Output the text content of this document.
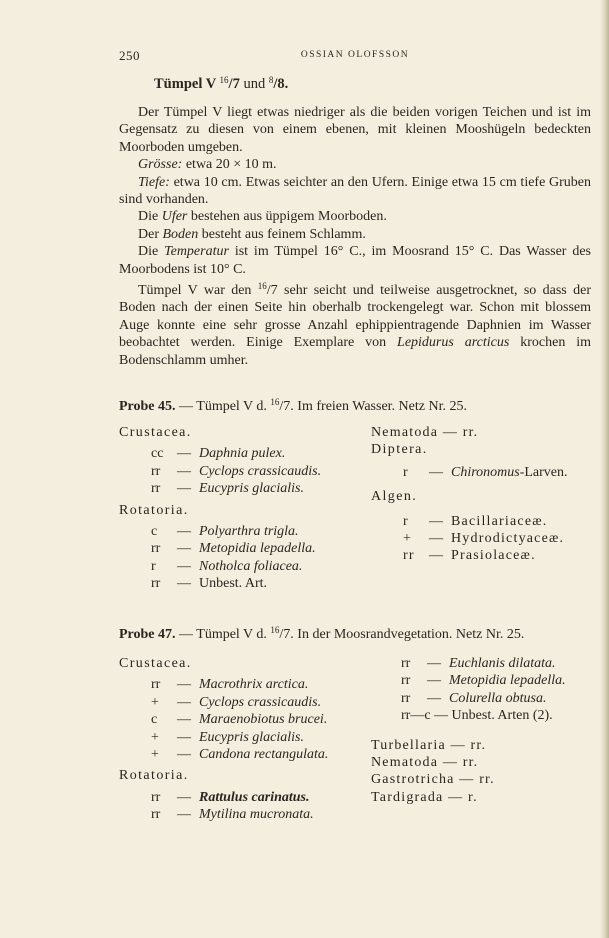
250	OSSIAN OLOFSSON
Tümpel V $^{16}$/7 und $^8$/8.

Der Tümpel V liegt etwas niedriger als die beiden vorigen Teichen und ist im Gegensatz zu diesen von einem ebenen, mit kleinen Mooshügeln bedeckten Moorboden umgeben.

Grösse: etwa 20 × 10 m.

Tiefe: etwa 10 cm. Etwas seichter an den Ufern. Einige etwa 15 cm tiefe Gruben sind vorhanden.

Die Ufer bestehen aus üppigem Moorboden.

Der Boden besteht aus feinem Schlamm.

Die Temperatur ist im Tümpel 16° C., im Moosrand 15° C. Das Wasser des Moorbodens ist 10° C.

Tümpel V war den $^{16}$/7 sehr seicht und teilweise ausgetrocknet, so dass der Boden nach der einen Seite hin oberhalb trockengelegt war. Schon mit blossem Auge konnte eine sehr grosse Anzahl ephippientragende Daphnien im Wasser beobachtet werden. Einige Exemplare von Lepidurus arcticus krochen im Bodenschlamm umher.

Probe 45. — Tümpel V d. $^{16}$/7. Im freien Wasser. Netz Nr. 25.
Crustacea.
cc — Daphnia pulex.
rr — Cyclops crassicaudis.
rr — Eucypris glacialis.
Rotatoria.
c — Polyarthra trigla.
rr — Metopidia lepadella.
r — Notholca foliacea.
rr — Unbest. Art.
Nematoda — rr.
Diptera.
r — Chironomus-Larven.
Algen.
r — Bacillariaceæ.
+ — Hydrodictyaceæ.
rr — Prasiolaceæ.
Probe 47. — Tümpel V d. $^{16}$/7. In der Moosrandvegetation. Netz Nr. 25.
Crustacea.
rr — Macrothrix arctica.
+ — Cyclops crassicaudis.
c — Maraenobiotus brucei.
+ — Eucypris glacialis.
+ — Candona rectangulata.
Rotatoria.
rr — Rattulus carinatus.
rr — Mytilina mucronata.
rr — Euchlanis dilatata.
rr — Metopidia lepadella.
rr — Colurella obtusa.
rr—c — Unbest. Arten (2).
Turbellaria — rr.
Nematoda — rr.
Gastrotricha — rr.
Tardigrada — r.
